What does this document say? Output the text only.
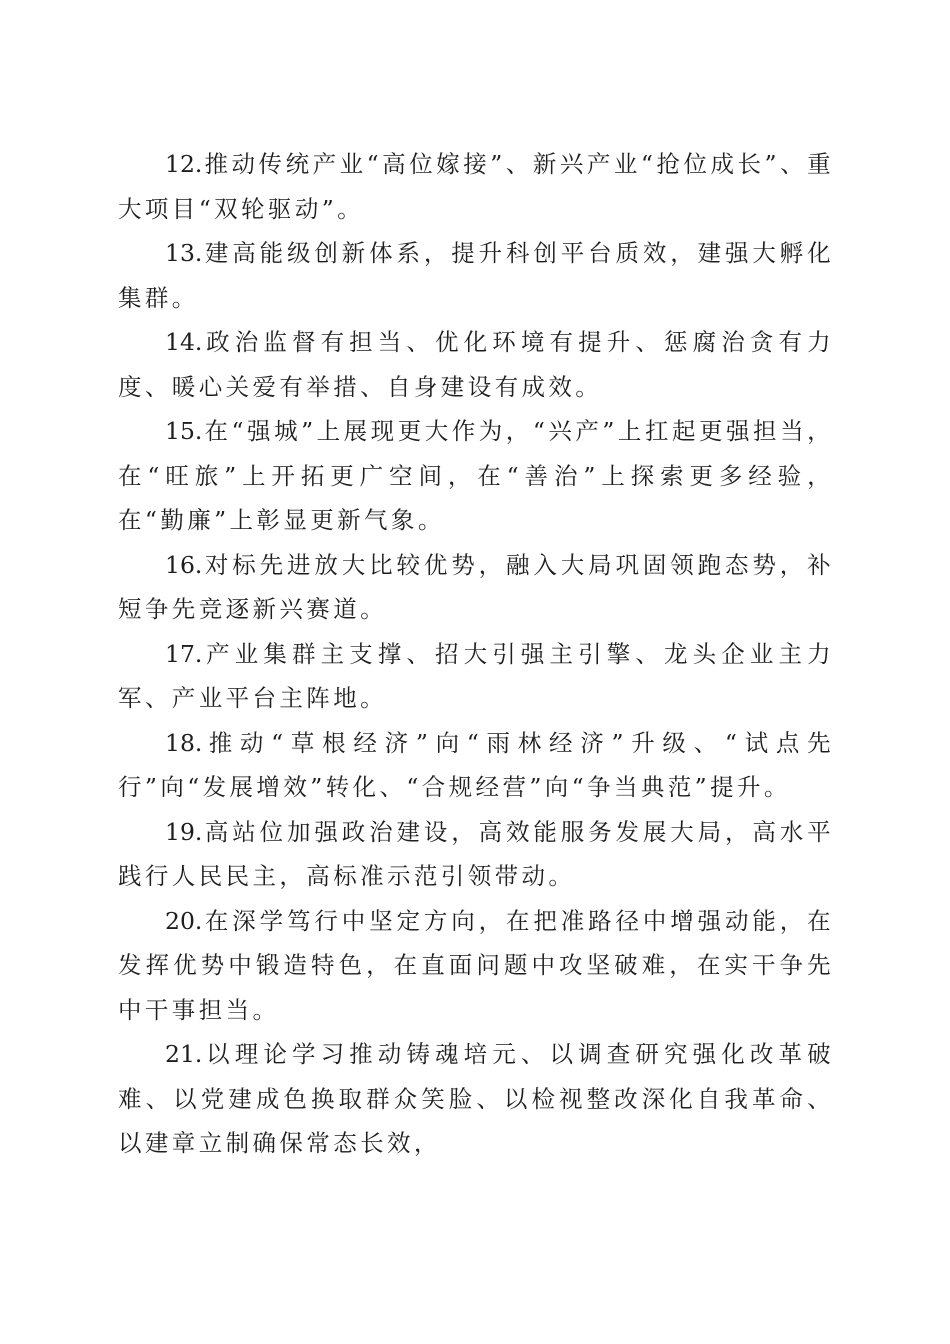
12.推动传统产业“高位嫁接”、新兴产业“抢位成长”、重大项目“双轮驱动”。

13.建高能级创新体系，提升科创平台质效，建强大孵化集群。

14.政治监督有担当、优化环境有提升、惩腐治贪有力度、暖心关爱有举措、自身建设有成效。

15.在“强城”上展现更大作为，“兴产”上扛起更强担当，在“旺旅”上开拓更广空间，在“善治”上探索更多经验，在“勤廉”上彰显更新气象。

16.对标先进放大比较优势，融入大局巩固领跑态势，补短争先竞逐新兴赛道。

17.产业集群主支撑、招大引强主引擎、龙头企业主力军、产业平台主阵地。

18.推动“草根经济”向“雨林经济”升级、“试点先行”向“发展增效”转化、“合规经营”向“争当典范”提升。

19.高站位加强政治建设，高效能服务发展大局，高水平践行人民民主，高标准示范引领带动。

20.在深学笃行中坚定方向，在把准路径中增强动能，在发挥优势中锻造特色，在直面问题中攻坚破难，在实干争先中干事担当。

21.以理论学习推动铸魂培元、以调查研究强化改革破难、以党建成色换取群众笑脸、以检视整改深化自我革命、以建章立制确保常态长效，
